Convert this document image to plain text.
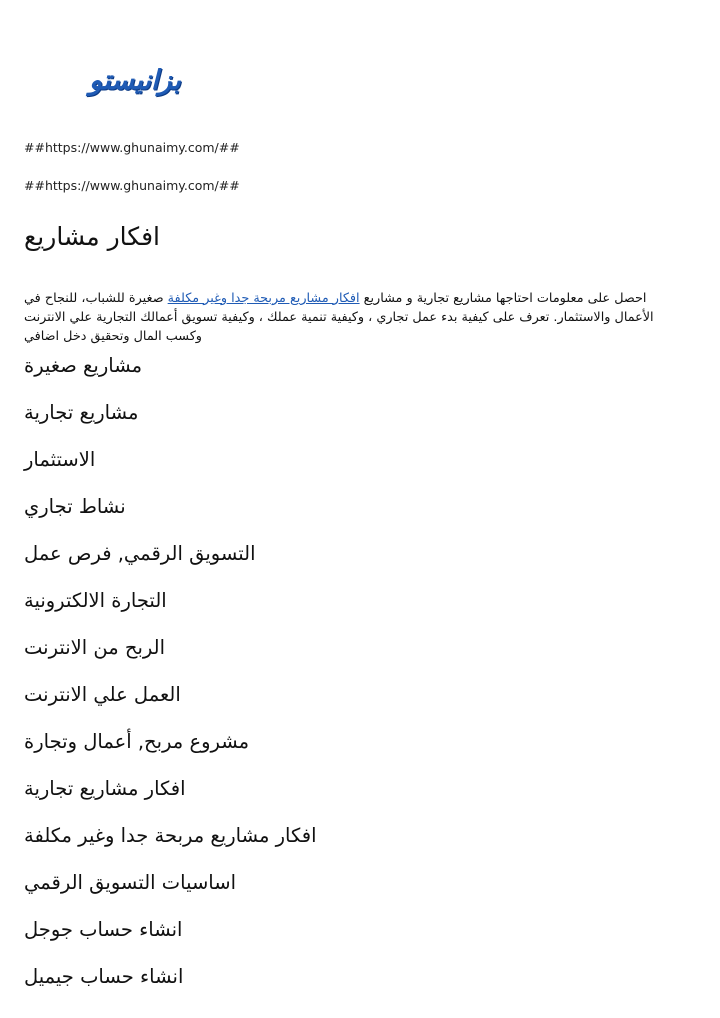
بزانيستو
##https://www.ghunaimy.com/##
##https://www.ghunaimy.com/##
افكار مشاريع

احصل على معلومات احتاجها مشاريع تجارية و مشاريع افكار مشاريع مربحة جدا وغير مكلفة صغيرة للشباب، للنجاح في الأعمال والاستثمار. تعرف على كيفية بدء عمل تجاري ، وكيفية تنمية عملك ، وكيفية تسويق أعمالك التجارية علي الانترنت وكسب المال وتحقيق دخل اضافي

مشاريع صغيرة
مشاريع تجارية
الاستثمار
نشاط تجاري
التسويق الرقمي, فرص عمل
التجارة الالكترونية
الربح من الانترنت
العمل علي الانترنت
مشروع مربح, أعمال وتجارة
افكار مشاريع تجارية
افكار مشاريع مربحة جدا وغير مكلفة
اساسيات التسويق الرقمي
انشاء حساب جوجل
انشاء حساب جيميل
